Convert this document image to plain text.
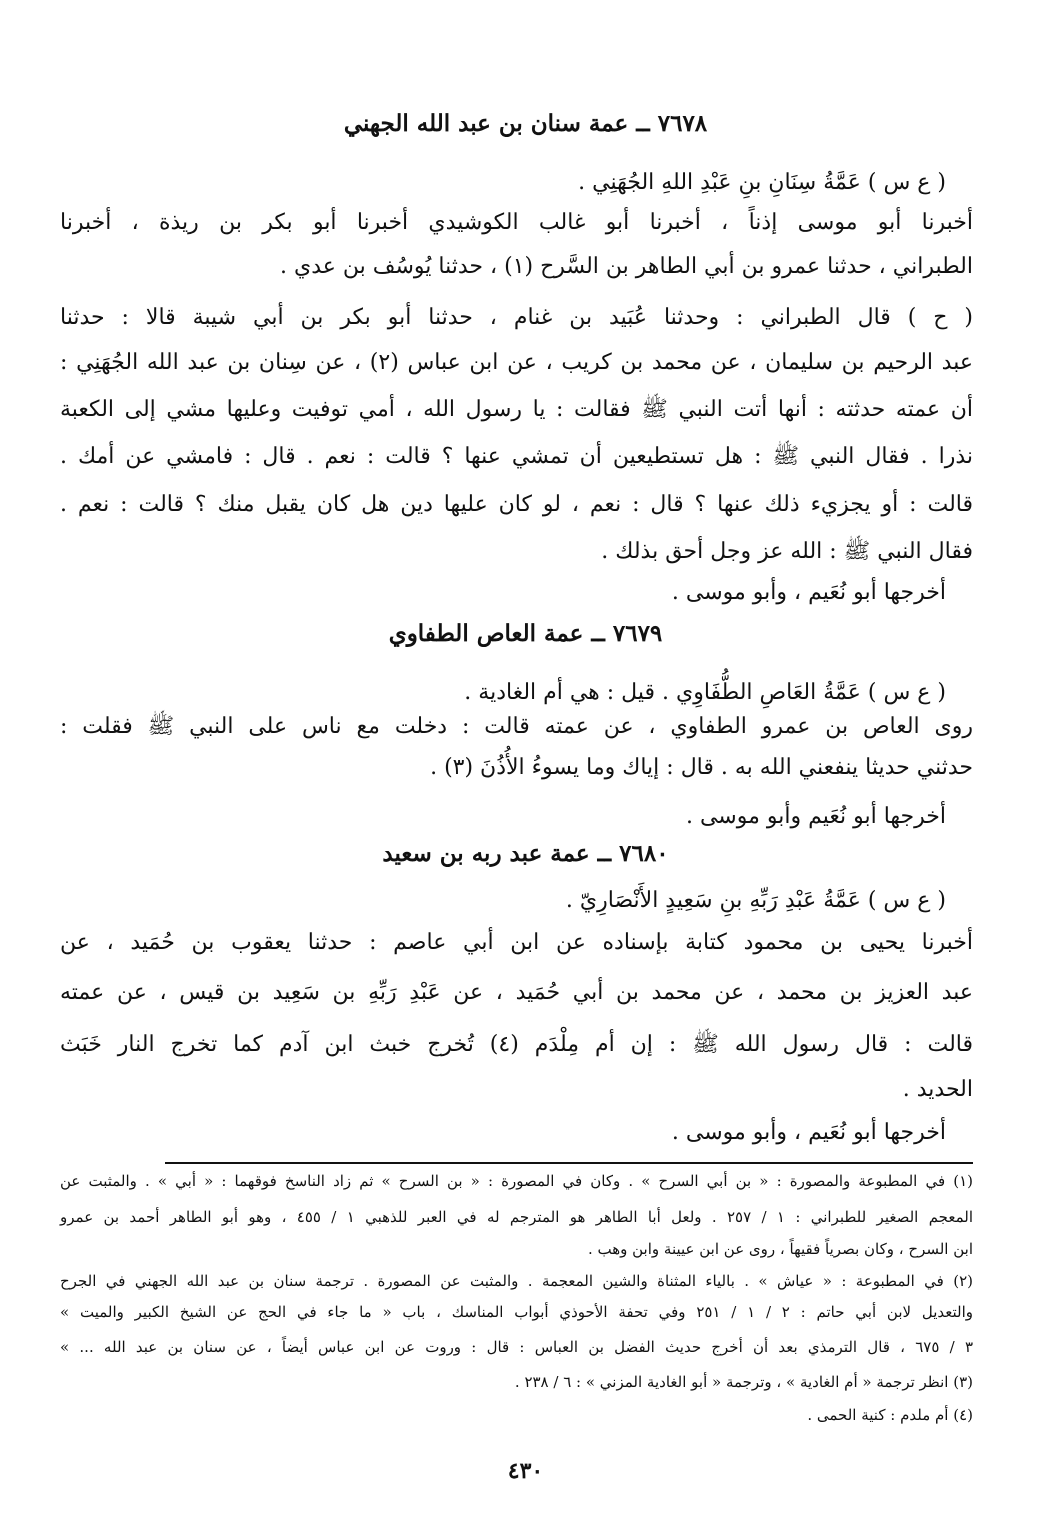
٧٦٧٨ ــ عمة سنان بن عبد الله الجهني
( ع س ) عَمَّةُ سِنَانِ بنِ عَبْدِ اللهِ الجُهَنِي .
أخبرنا أبو موسى إذناً ، أخبرنا أبو غالب الكوشيدي أخبرنا أبو بكر بن ريذة ، أخبرنا
الطبراني ، حدثنا عمرو بن أبي الطاهر بن السَّرح (١) ، حدثنا يُوسُف بن عدي .
( ح ) قال الطبراني : وحدثنا عُبَيد بن غنام ، حدثنا أبو بكر بن أبي شيبة قالا : حدثنا
عبد الرحيم بن سليمان ، عن محمد بن كريب ، عن ابن عباس (٢) ، عن سِنان بن عبد الله الجُهَنِي :
أن عمته حدثته : أنها أتت النبي ﷺ فقالت : يا رسول الله ، أمي توفيت وعليها مشي إلى الكعبة
نذرا . فقال النبي ﷺ : هل تستطيعين أن تمشي عنها ؟ قالت : نعم . قال : فامشي عن أمك .
قالت : أو يجزيء ذلك عنها ؟ قال : نعم ، لو كان عليها دين هل كان يقبل منك ؟ قالت : نعم .
فقال النبي ﷺ : الله عز وجل أحق بذلك .
أخرجها أبو نُعَيم ، وأبو موسى .
٧٦٧٩ ــ عمة العاص الطفاوي
( ع س ) عَمَّةُ العَاصِ الطُّفَاوِي . قيل : هي أم الغادية .
روى العاص بن عمرو الطفاوي ، عن عمته قالت : دخلت مع ناس على النبي ﷺ فقلت :
حدثني حديثا ينفعني الله به . قال : إياك وما يسوءُ الأُذُنَ (٣) .
أخرجها أبو نُعَيم وأبو موسى .
٧٦٨٠ ــ عمة عبد ربه بن سعيد
( ع س ) عَمَّةُ عَبْدِ رَبِّهِ بنِ سَعِيدٍ الأَنْصَارِيّ .
أخبرنا يحيى بن محمود كتابة بإسناده عن ابن أبي عاصم : حدثنا يعقوب بن حُمَيد ، عن
عبد العزيز بن محمد ، عن محمد بن أبي حُمَيد ، عن عَبْدِ رَبِّهِ بن سَعِيد بن قيس ، عن عمته
قالت : قال رسول الله ﷺ : إن أم مِلْدَم (٤) تُخرج خبث ابن آدم كما تخرج النار خَبَث
الحديد .
أخرجها أبو نُعَيم ، وأبو موسى .
(١) في المطبوعة والمصورة : « بن أبي السرح » . وكان في المصورة : « بن السرح » ثم زاد الناسخ فوقهما : « أبي » . والمثبت عن
المعجم الصغير للطبراني : ١ / ٢٥٧ . ولعل أبا الطاهر هو المترجم له في العبر للذهبي ١ / ٤٥٥ ، وهو أبو الطاهر أحمد بن عمرو
ابن السرح ، وكان بصرياً فقيهاً ، روى عن ابن عيينة وابن وهب .
(٢) في المطبوعة : « عياش » . بالياء المثناة والشين المعجمة . والمثبت عن المصورة . ترجمة سنان بن عبد الله الجهني في الجرح
والتعديل لابن أبي حاتم : ٢ / ١ / ٢٥١ وفي تحفة الأحوذي أبواب المناسك ، باب « ما جاء في الحج عن الشيخ الكبير والميت »
٣ / ٦٧٥ ، قال الترمذي بعد أن أخرج حديث الفضل بن العباس : قال : وروت عن ابن عباس أيضاً ، عن سنان بن عبد الله ... »
(٣) انظر ترجمة « أم الغادية » ، وترجمة « أبو الغادية المزني » : ٦ / ٢٣٨ .
(٤) أم ملدم : كنية الحمى .
٤٣٠
